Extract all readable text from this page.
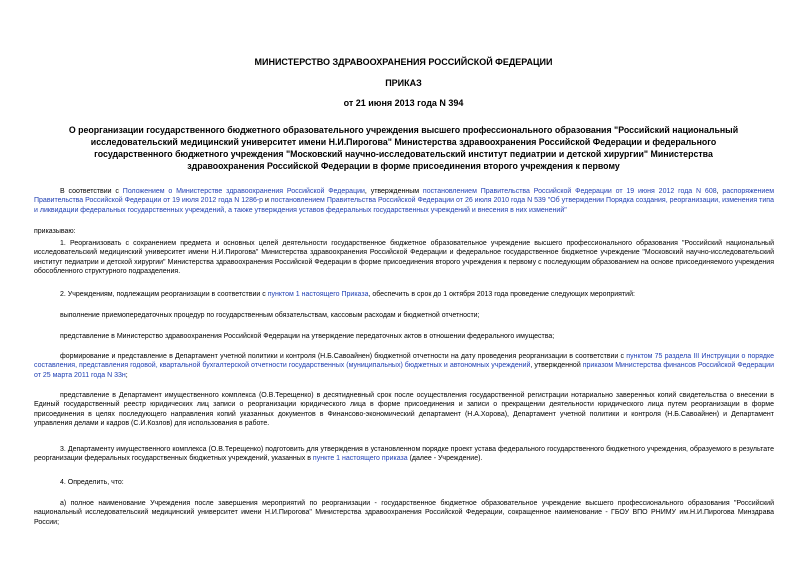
МИНИСТЕРСТВО ЗДРАВООХРАНЕНИЯ РОССИЙСКОЙ ФЕДЕРАЦИИ
ПРИКАЗ
от 21 июня 2013 года N 394
О реорганизации государственного бюджетного образовательного учреждения высшего профессионального образования "Российский национальный исследовательский медицинский университет имени Н.И.Пирогова" Министерства здравоохранения Российской Федерации и федерального государственного бюджетного учреждения "Московский научно-исследовательский институт педиатрии и детской хирургии" Министерства здравоохранения Российской Федерации в форме присоединения второго учреждения к первому

В соответствии с Положением о Министерстве здравоохранения Российской Федерации, утвержденным постановлением Правительства Российской Федерации от 19 июня 2012 года N 608, распоряжением Правительства Российской Федерации от 19 июля 2012 года N 1286-р и постановлением Правительства Российской Федерации от 26 июля 2010 года N 539 "Об утверждении Порядка создания, реорганизации, изменения типа и ликвидации федеральных государственных учреждений, а также утверждения уставов федеральных государственных учреждений и внесения в них изменений"

приказываю:

1. Реорганизовать с сохранением предмета и основных целей деятельности государственное бюджетное образовательное учреждение высшего профессионального образования "Российский национальный исследовательский медицинский университет имени Н.И.Пирогова" Министерства здравоохранения Российской Федерации и федеральное государственное бюджетное учреждение "Московский научно-исследовательский институт педиатрии и детской хирургии" Министерства здравоохранения Российской Федерации в форме присоединения второго учреждения к первому с последующим образованием на основе присоединяемого учреждения обособленного структурного подразделения.

2. Учреждениям, подлежащим реорганизации в соответствии с пунктом 1 настоящего Приказа, обеспечить в срок до 1 октября 2013 года проведение следующих мероприятий:

выполнение приемопередаточных процедур по государственным обязательствам, кассовым расходам и бюджетной отчетности;

представление в Министерство здравоохранения Российской Федерации на утверждение передаточных актов в отношении федерального имущества;

формирование и представление в Департамент учетной политики и контроля (Н.Б.Савоайнен) бюджетной отчетности на дату проведения реорганизации в соответствии с пунктом 75 раздела III Инструкции о порядке составления, представления годовой, квартальной бухгалтерской отчетности государственных (муниципальных) бюджетных и автономных учреждений, утвержденной приказом Министерства финансов Российской Федерации от 25 марта 2011 года N 33н;

представление в Департамент имущественного комплекса (О.В.Терещенко) в десятидневный срок после осуществления государственной регистрации нотариально заверенных копий свидетельства о внесении в Единый государственный реестр юридических лиц записи о реорганизации юридического лица в форме присоединения и записи о прекращении деятельности юридического лица путем реорганизации в форме присоединения в целях последующего направления копий указанных документов в Финансово-экономический департамент (Н.А.Хорова), Департамент учетной политики и контроля (Н.Б.Савоайнен) и Департамент управления делами и кадров (С.И.Козлов) для использования в работе.

3. Департаменту имущественного комплекса (О.В.Терещенко) подготовить для утверждения в установленном порядке проект устава федерального государственного бюджетного учреждения, образуемого в результате реорганизации федеральных государственных бюджетных учреждений, указанных в пункте 1 настоящего приказа (далее - Учреждение).

4. Определить, что:

а) полное наименование Учреждения после завершения мероприятий по реорганизации - государственное бюджетное образовательное учреждение высшего профессионального образования "Российский национальный исследовательский медицинский университет имени Н.И.Пирогова" Министерства здравоохранения Российской Федерации, сокращенное наименование - ГБОУ ВПО РНИМУ им.Н.И.Пирогова Минздрава России;
